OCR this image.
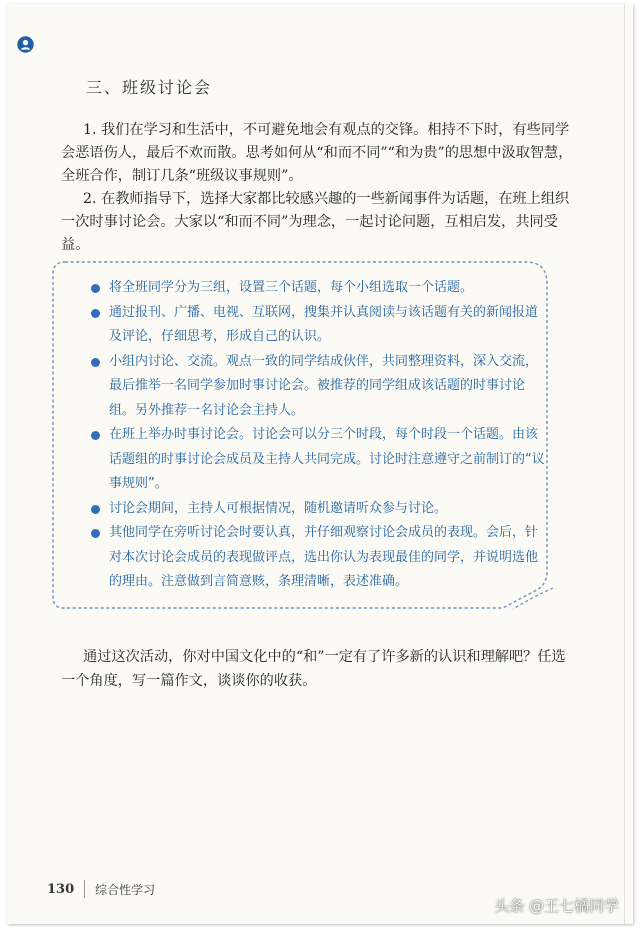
三、班级讨论会

1. 我们在学习和生活中，不可避免地会有观点的交锋。相持不下时，有些同学会恶语伤人，最后不欢而散。思考如何从“和而不同”“和为贵”的思想中汲取智慧，全班合作，制订几条“班级议事规则”。

2. 在教师指导下，选择大家都比较感兴趣的一些新闻事件为话题，在班上组织一次时事讨论会。大家以“和而不同”为理念，一起讨论问题，互相启发，共同受益。

将全班同学分为三组，设置三个话题，每个小组选取一个话题。
通过报刊、广播、电视、互联网，搜集并认真阅读与该话题有关的新闻报道及评论，仔细思考，形成自己的认识。
小组内讨论、交流。观点一致的同学结成伙伴，共同整理资料，深入交流，最后推举一名同学参加时事讨论会。被推荐的同学组成该话题的时事讨论组。另外推荐一名讨论会主持人。
在班上举办时事讨论会。讨论会可以分三个时段，每个时段一个话题。由该话题组的时事讨论会成员及主持人共同完成。讨论时注意遵守之前制订的“议事规则”。
讨论会期间，主持人可根据情况，随机邀请听众参与讨论。
其他同学在旁听讨论会时要认真，并仔细观察讨论会成员的表现。会后，针对本次讨论会成员的表现做评点，选出你认为表现最佳的同学，并说明选他的理由。注意做到言简意赅，条理清晰，表述准确。

通过这次活动，你对中国文化中的“和”一定有了许多新的认识和理解吧？任选一个角度，写一篇作文，谈谈你的收获。

130 综合性学习
头条 @王七橘同学
